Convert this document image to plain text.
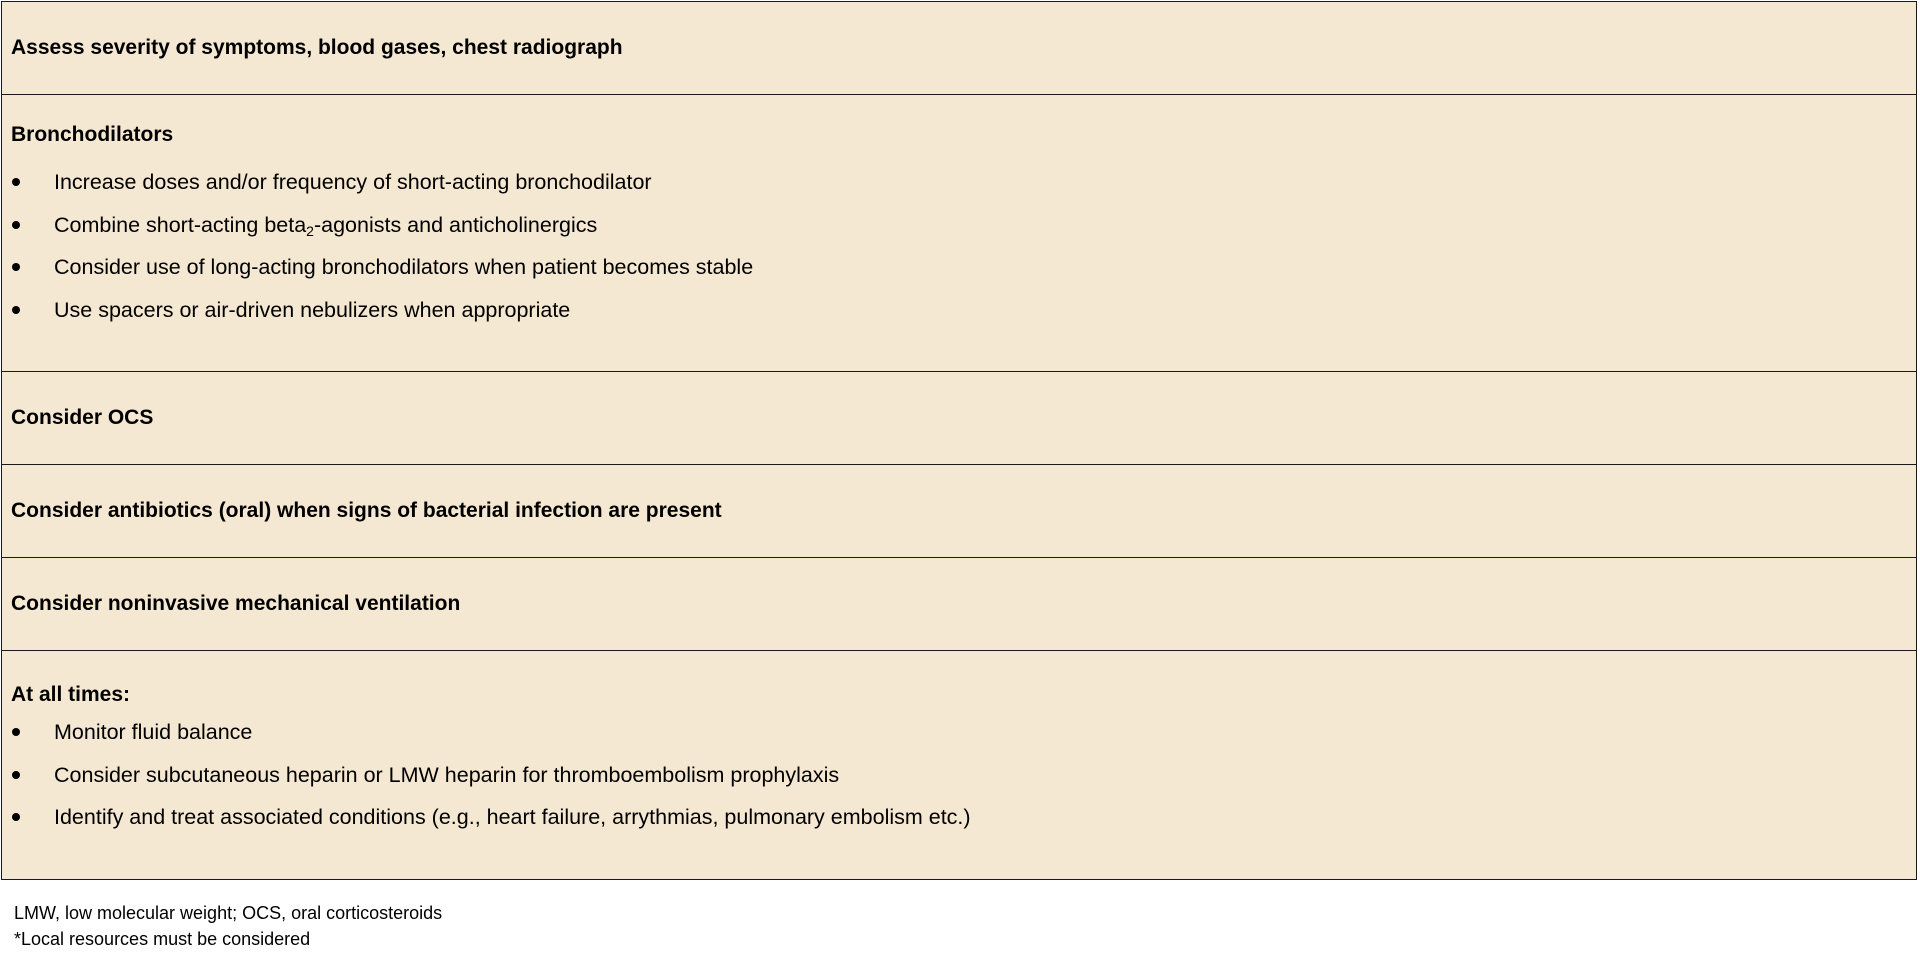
Assess severity of symptoms, blood gases, chest radiograph
Bronchodilators
Increase doses and/or frequency of short-acting bronchodilator
Combine short-acting beta$_2$-agonists and anticholinergics
Consider use of long-acting bronchodilators when patient becomes stable
Use spacers or air-driven nebulizers when appropriate
Consider OCS
Consider antibiotics (oral) when signs of bacterial infection are present
Consider noninvasive mechanical ventilation
At all times:
Monitor fluid balance
Consider subcutaneous heparin or LMW heparin for thromboembolism prophylaxis
Identify and treat associated conditions (e.g., heart failure, arrythmias, pulmonary embolism etc.)
LMW, low molecular weight; OCS, oral corticosteroids
*Local resources must be considered
